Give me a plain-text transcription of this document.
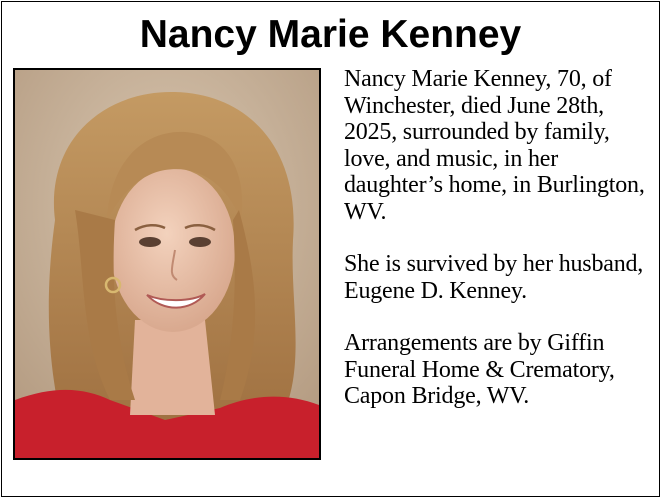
Nancy Marie Kenney

Nancy Marie Kenney, 70, of Winchester, died June 28th, 2025, surrounded by family, love, and music, in her daughter’s home, in Burlington, WV.

She is survived by her husband, Eugene D. Kenney.

Arrangements are by Giffin Funeral Home & Crematory, Capon Bridge, WV.
